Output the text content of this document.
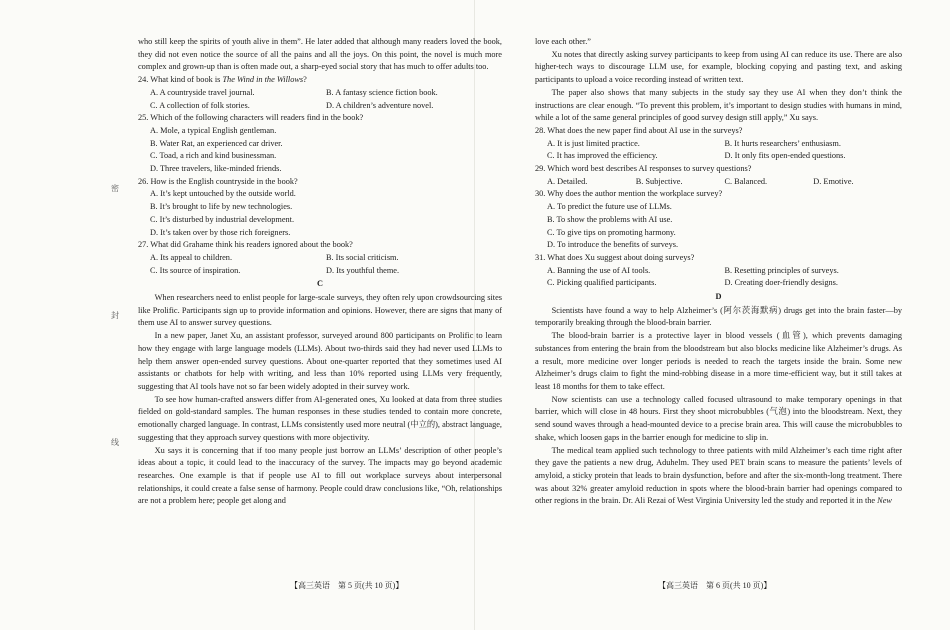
密
封
线

who still keep the spirits of youth alive in them”. He later added that although many readers loved the book, they did not even notice the source of all the pains and all the joys. On this point, the novel is much more complex and grown-up than is often made out, a sharp-eyed social story that has much to offer adults too.

24. What kind of book is The Wind in the Willows?

A. A countryside travel journal.	B. A fantasy science fiction book.
C. A collection of folk stories.	D. A children’s adventure novel.

25. Which of the following characters will readers find in the book?

A. Mole, a typical English gentleman.
B. Water Rat, an experienced car driver.
C. Toad, a rich and kind businessman.
D. Three travelers, like-minded friends.

26. How is the English countryside in the book?

A. It’s kept untouched by the outside world.
B. It’s brought to life by new technologies.
C. It’s disturbed by industrial development.
D. It’s taken over by those rich foreigners.

27. What did Grahame think his readers ignored about the book?

A. Its appeal to children.	B. Its social criticism.
C. Its source of inspiration.	D. Its youthful theme.
C

When researchers need to enlist people for large-scale surveys, they often rely upon crowdsourcing sites like Prolific. Participants sign up to provide information and opinions. However, there are signs that many of them use AI to answer survey questions.

In a new paper, Janet Xu, an assistant professor, surveyed around 800 participants on Prolific to learn how they engage with large language models (LLMs). About two-thirds said they had never used LLMs to help them answer open-ended survey questions. About one-quarter reported that they sometimes used AI assistants or chatbots for help with writing, and less than 10% reported using LLMs very frequently, suggesting that AI tools have not so far been widely adopted in their survey work.

To see how human-crafted answers differ from AI-generated ones, Xu looked at data from three studies fielded on gold-standard samples. The human responses in these studies tended to contain more concrete, emotionally charged language. In contrast, LLMs consistently used more neutral (中立的), abstract language, suggesting that they approach survey questions with more objectivity.

Xu says it is concerning that if too many people just borrow an LLMs’ description of other people’s ideas about a topic, it could lead to the inaccuracy of the survey. The impacts may go beyond academic researches. One example is that if people use AI to fill out workplace surveys about interpersonal relationships, it could create a false sense of harmony. People could draw conclusions like, “Oh, relationships are not a problem here; people get along and

【高三英语　第 5 页(共 10 页)】

love each other.”

Xu notes that directly asking survey participants to keep from using AI can reduce its use. There are also higher-tech ways to discourage LLM use, for example, blocking copying and pasting text, and asking participants to upload a voice recording instead of written text.

The paper also shows that many subjects in the study say they use AI when they don’t think the instructions are clear enough. “To prevent this problem, it’s important to design studies with humans in mind, while a lot of the same general principles of good survey design still apply,” Xu says.

28. What does the new paper find about AI use in the surveys?

A. It is just limited practice.	B. It hurts researchers’ enthusiasm.
C. It has improved the efficiency.	D. It only fits open-ended questions.

29. Which word best describes AI responses to survey questions?

A. Detailed.	B. Subjective.	C. Balanced.	D. Emotive.

30. Why does the author mention the workplace survey?

A. To predict the future use of LLMs.
B. To show the problems with AI use.
C. To give tips on promoting harmony.
D. To introduce the benefits of surveys.

31. What does Xu suggest about doing surveys?

A. Banning the use of AI tools.	B. Resetting principles of surveys.
C. Picking qualified participants.	D. Creating doer-friendly designs.
D

Scientists have found a way to help Alzheimer’s (阿尔茨海默病) drugs get into the brain faster—by temporarily breaking through the blood-brain barrier.

The blood-brain barrier is a protective layer in blood vessels (血管), which prevents damaging substances from entering the brain from the bloodstream but also blocks medicine like Alzheimer’s drugs. As a result, more medicine over longer periods is needed to reach the targets inside the brain. Some new Alzheimer’s drugs claim to fight the mind-robbing disease in a more time-efficient way, but it still takes at least 18 months for them to take effect.

Now scientists can use a technology called focused ultrasound to make temporary openings in that barrier, which will close in 48 hours. First they shoot microbubbles (气泡) into the bloodstream. Next, they send sound waves through a head-mounted device to a precise brain area. This will cause the microbubbles to shake, which loosen gaps in the barrier enough for medicine to slip in.

The medical team applied such technology to three patients with mild Alzheimer’s each time right after they gave the patients a new drug, Aduhelm. They used PET brain scans to measure the patients’ levels of amyloid, a sticky protein that leads to brain dysfunction, before and after the six-month-long treatment. There was about 32% greater amyloid reduction in spots where the blood-brain barrier had openings compared to other regions in the brain. Dr. Ali Rezai of West Virginia University led the study and reported it in the New

【高三英语　第 6 页(共 10 页)】
